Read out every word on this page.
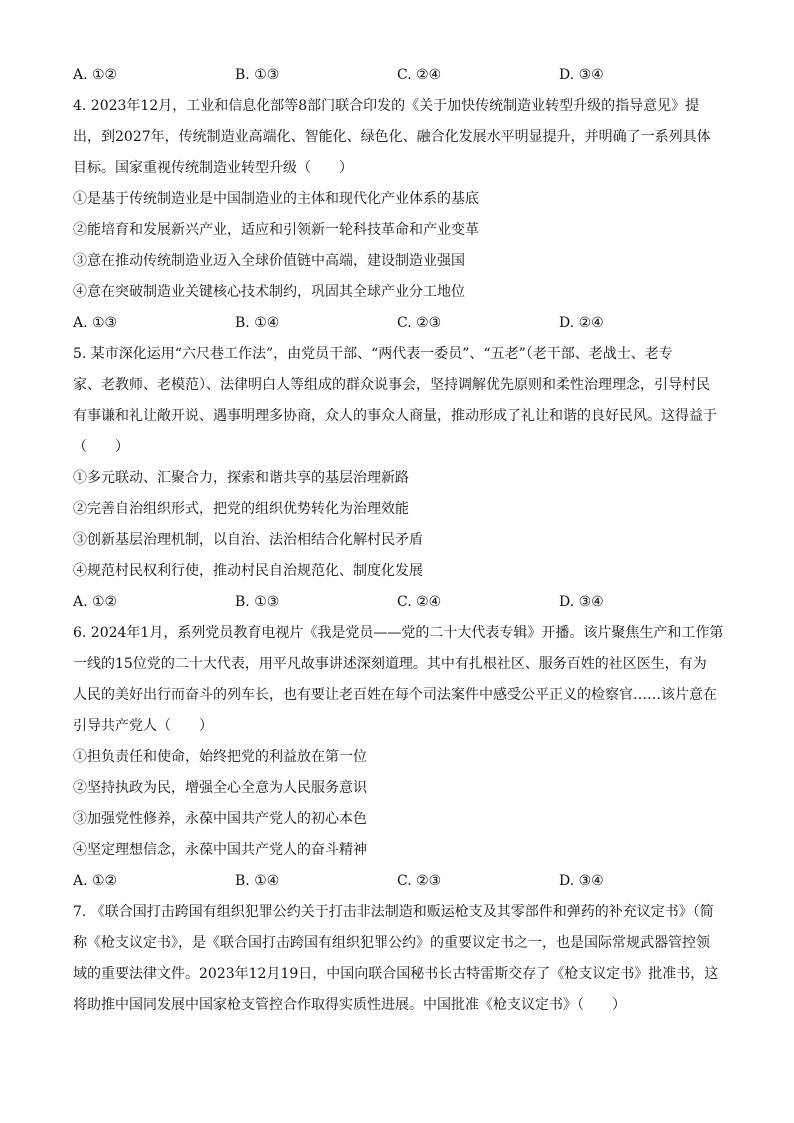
A. ①②	B. ①③	C. ②④	D. ③④
4. 2023年12月，工业和信息化部等8部门联合印发的《关于加快传统制造业转型升级的指导意见》提
出，到2027年，传统制造业高端化、智能化、绿色化、融合化发展水平明显提升，并明确了一系列具体
目标。国家重视传统制造业转型升级（　　）
①是基于传统制造业是中国制造业的主体和现代化产业体系的基底
②能培育和发展新兴产业，适应和引领新一轮科技革命和产业变革
③意在推动传统制造业迈入全球价值链中高端，建设制造业强国
④意在突破制造业关键核心技术制约，巩固其全球产业分工地位
A. ①③	B. ①④	C. ②③	D. ②④
5. 某市深化运用“六尺巷工作法”，由党员干部、“两代表一委员”、“五老”（老干部、老战士、老专
家、老教师、老模范）、法律明白人等组成的群众说事会，坚持调解优先原则和柔性治理理念，引导村民
有事谦和礼让敞开说、遇事明理多协商，众人的事众人商量，推动形成了礼让和谐的良好民风。这得益于
（　　）
①多元联动、汇聚合力，探索和谐共享的基层治理新路
②完善自治组织形式，把党的组织优势转化为治理效能
③创新基层治理机制，以自治、法治相结合化解村民矛盾
④规范村民权利行使，推动村民自治规范化、制度化发展
A. ①②	B. ①③	C. ②④	D. ③④
6. 2024年1月，系列党员教育电视片《我是党员——党的二十大代表专辑》开播。该片聚焦生产和工作第
一线的15位党的二十大代表，用平凡故事讲述深刻道理。其中有扎根社区、服务百姓的社区医生，有为
人民的美好出行而奋斗的列车长，也有要让老百姓在每个司法案件中感受公平正义的检察官……该片意在
引导共产党人（　　）
①担负责任和使命，始终把党的利益放在第一位
②坚持执政为民，增强全心全意为人民服务意识
③加强党性修养，永葆中国共产党人的初心本色
④坚定理想信念，永葆中国共产党人的奋斗精神
A. ①②	B. ①④	C. ②③	D. ③④
7. 《联合国打击跨国有组织犯罪公约关于打击非法制造和贩运枪支及其零部件和弹药的补充议定书》（简
称《枪支议定书》，是《联合国打击跨国有组织犯罪公约》的重要议定书之一，也是国际常规武器管控领
域的重要法律文件。2023年12月19日，中国向联合国秘书长古特雷斯交存了《枪支议定书》批准书，这
将助推中国同发展中国家枪支管控合作取得实质性进展。中国批准《枪支议定书》（　　）
